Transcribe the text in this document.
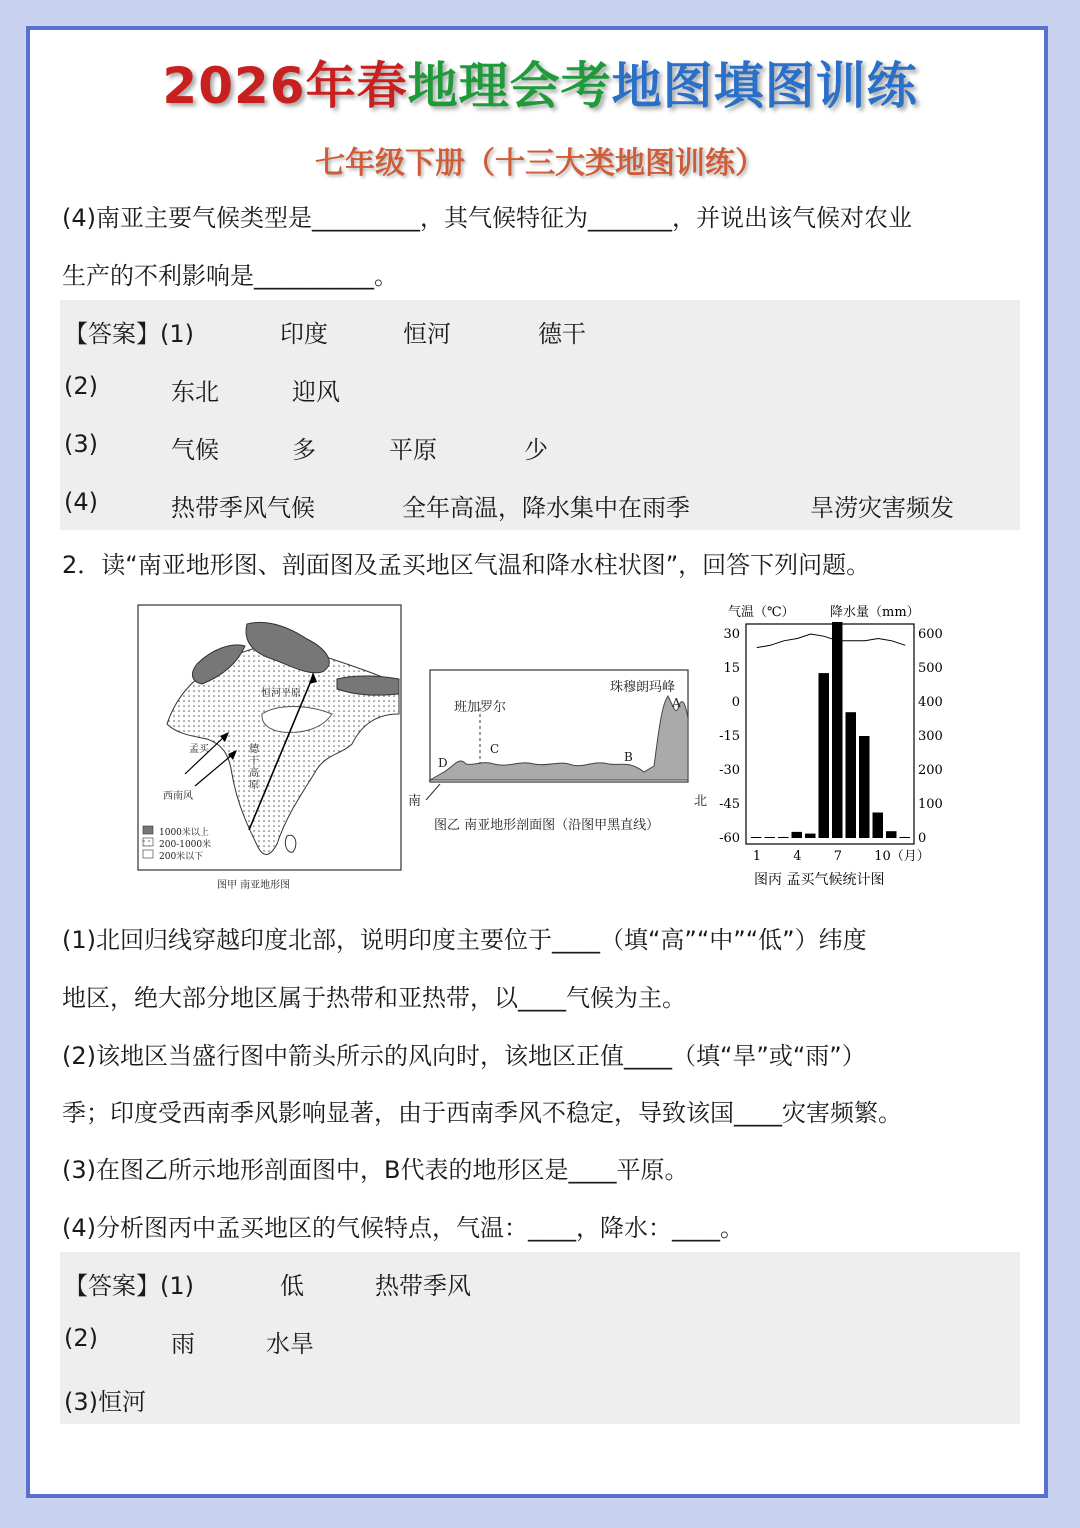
2026年春地理会考地图填图训练
七年级下册（十三大类地图训练）
(4)南亚主要气候类型是_________，其气候特征为_______，并说出该气候对农业
生产的不利影响是__________。
【答案】(1)	印度	恒河	德干
(2)	东北	迎风
(3)	气候	多	平原	少
(4)	热带季风气候	全年高温，降水集中在雨季	旱涝灾害频发
2．读“南亚地形图、剖面图及孟买地区气温和降水柱状图”，回答下列问题。
恒河平原
孟买
西南风
德干高原
1000米以上
200-1000米
200米以下
图甲 南亚地形图
珠穆朗玛峰
班加罗尔	A
B
C
D
南	北
图乙 南亚地形剖面图（沿图甲黑直线）
气温（℃）	降水量（mm）
30
15
0
-15
-30
-45
-60
600
500
400
300
200
100
0
1 4 7 10（月）
图丙 孟买气候统计图
(1)北回归线穿越印度北部，说明印度主要位于____（填“高”“中”“低”）纬度
地区，绝大部分地区属于热带和亚热带，以____气候为主。
(2)该地区当盛行图中箭头所示的风向时，该地区正值____（填“旱”或“雨”）
季；印度受西南季风影响显著，由于西南季风不稳定，导致该国____灾害频繁。
(3)在图乙所示地形剖面图中，B代表的地形区是____平原。
(4)分析图丙中孟买地区的气候特点，气温：____，降水：____。
【答案】(1)	低	热带季风
(2)	雨	水旱
(3)恒河
